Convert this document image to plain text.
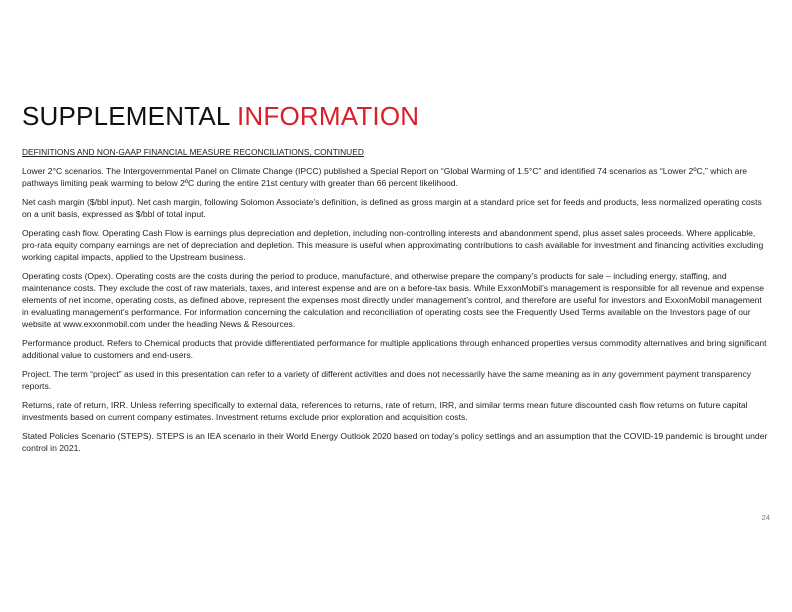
SUPPLEMENTAL INFORMATION
DEFINITIONS AND NON-GAAP FINANCIAL MEASURE RECONCILIATIONS, CONTINUED

Lower 2°C scenarios. The Intergovernmental Panel on Climate Change (IPCC) published a Special Report on “Global Warming of 1.5°C” and identified 74 scenarios as “Lower 2ºC,” which are pathways limiting peak warming to below 2ºC during the entire 21st century with greater than 66 percent likelihood.

Net cash margin ($/bbl input). Net cash margin, following Solomon Associate’s definition, is defined as gross margin at a standard price set for feeds and products, less normalized operating costs on a unit basis, expressed as $/bbl of total input.

Operating cash flow. Operating Cash Flow is earnings plus depreciation and depletion, including non-controlling interests and abandonment spend, plus asset sales proceeds. Where applicable, pro-rata equity company earnings are net of depreciation and depletion. This measure is useful when approximating contributions to cash available for investment and financing activities excluding working capital impacts, applied to the Upstream business.

Operating costs (Opex). Operating costs are the costs during the period to produce, manufacture, and otherwise prepare the company’s products for sale – including energy, staffing, and maintenance costs. They exclude the cost of raw materials, taxes, and interest expense and are on a before-tax basis. While ExxonMobil’s management is responsible for all revenue and expense elements of net income, operating costs, as defined above, represent the expenses most directly under management’s control, and therefore are useful for investors and ExxonMobil management in evaluating management’s performance. For information concerning the calculation and reconciliation of operating costs see the Frequently Used Terms available on the Investors page of our website at www.exxonmobil.com under the heading News & Resources.

Performance product. Refers to Chemical products that provide differentiated performance for multiple applications through enhanced properties versus commodity alternatives and bring significant additional value to customers and end-users.

Project. The term “project” as used in this presentation can refer to a variety of different activities and does not necessarily have the same meaning as in any government payment transparency reports.

Returns, rate of return, IRR. Unless referring specifically to external data, references to returns, rate of return, IRR, and similar terms mean future discounted cash flow returns on future capital investments based on current company estimates. Investment returns exclude prior exploration and acquisition costs.

Stated Policies Scenario (STEPS). STEPS is an IEA scenario in their World Energy Outlook 2020 based on today’s policy settings and an assumption that the COVID-19 pandemic is brought under control in 2021.

24
